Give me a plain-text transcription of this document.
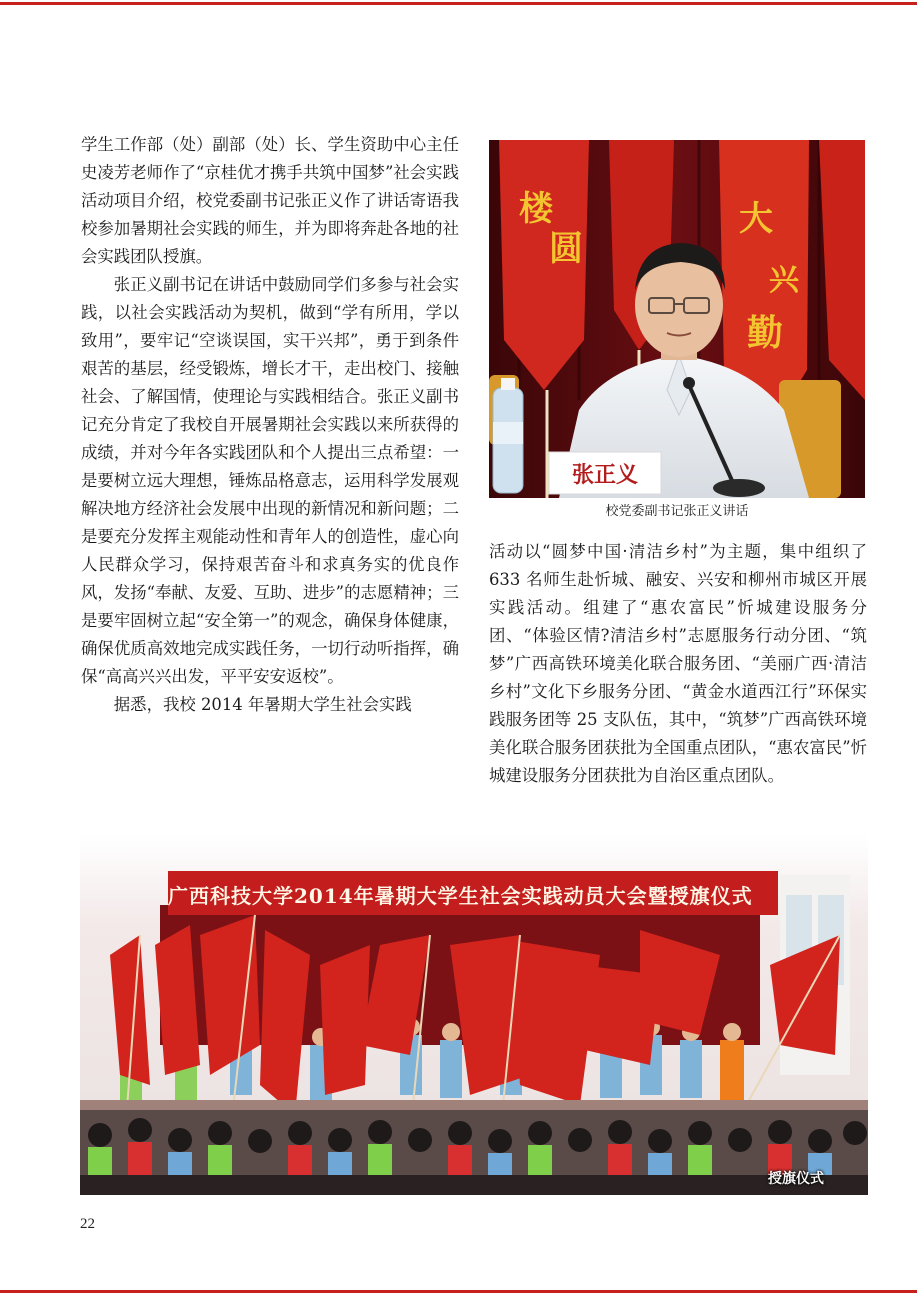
学生工作部（处）副部（处）长、学生资助中心主任史凌芳老师作了“京桂优才携手共筑中国梦”社会实践活动项目介绍，校党委副书记张正义作了讲话寄语我校参加暑期社会实践的师生，并为即将奔赴各地的社会实践团队授旗。

张正义副书记在讲话中鼓励同学们多参与社会实践，以社会实践活动为契机，做到“学有所用，学以致用”，要牢记“空谈误国，实干兴邦”，勇于到条件艰苦的基层，经受锻炼，增长才干，走出校门、接触社会、了解国情，使理论与实践相结合。张正义副书记充分肯定了我校自开展暑期社会实践以来所获得的成绩，并对今年各实践团队和个人提出三点希望：一是要树立远大理想，锤炼品格意志，运用科学发展观解决地方经济社会发展中出现的新情况和新问题；二是要充分发挥主观能动性和青年人的创造性，虚心向人民群众学习，保持艰苦奋斗和求真务实的优良作风，发扬“奉献、友爱、互助、进步”的志愿精神；三是要牢固树立起“安全第一”的观念，确保身体健康，确保优质高效地完成实践任务，一切行动听指挥，确保“高高兴兴出发，平平安安返校”。

据悉，我校 2014 年暑期大学生社会实践

楼
圆
大
兴
勤
张正义
校党委副书记张正义讲话

活动以“圆梦中国·清洁乡村”为主题，集中组织了 633 名师生赴忻城、融安、兴安和柳州市城区开展实践活动。组建了“惠农富民”忻城建设服务分团、“体验区情?清洁乡村”志愿服务行动分团、“筑梦”广西高铁环境美化联合服务团、“美丽广西·清洁乡村”文化下乡服务分团、“黄金水道西江行”环保实践服务团等 25 支队伍，其中，“筑梦”广西高铁环境美化联合服务团获批为全国重点团队，“惠农富民”忻城建设服务分团获批为自治区重点团队。

广西科技大学2014年暑期大学生社会实践动员大会暨授旗仪式
授旗仪式
22
